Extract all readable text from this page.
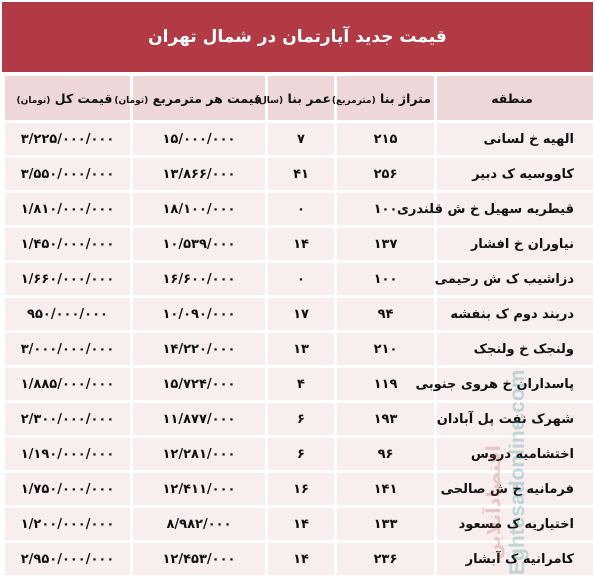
قیمت جدید آپارتمان در شمال تهران
قیمت کل (تومان)	قیمت هر مترمربع (تومان)	عمر بنا (سال)	متراژ بنا (مترمربع)	منطقه
۳/۲۲۵/۰۰۰/۰۰۰	۱۵/۰۰۰/۰۰۰	۷	۲۱۵	الهیه خ لسانی
۳/۵۵۰/۰۰۰/۰۰۰	۱۳/۸۶۶/۰۰۰	۴۱	۲۵۶	کاووسیه ک دبیر
۱/۸۱۰/۰۰۰/۰۰۰	۱۸/۱۰۰/۰۰۰	۰	۱۰۰	قیطریه سهیل خ ش قلندری
۱/۴۵۰/۰۰۰/۰۰۰	۱۰/۵۳۹/۰۰۰	۱۴	۱۳۷	نیاوران خ افشار
۱/۶۶۰/۰۰۰/۰۰۰	۱۶/۶۰۰/۰۰۰	۰	۱۰۰	دزاشیب ک ش رحیمی
۹۵۰/۰۰۰/۰۰۰	۱۰/۰۹۰/۰۰۰	۱۷	۹۴	دربند دوم ک بنفشه
۳/۰۰۰/۰۰۰/۰۰۰	۱۴/۲۲۰/۰۰۰	۱۳	۲۱۰	ولنجک خ ولنجک
۱/۸۸۵/۰۰۰/۰۰۰	۱۵/۷۲۴/۰۰۰	۴	۱۱۹	پاسداران خ هروی جنوبی
۲/۳۰۰/۰۰۰/۰۰۰	۱۱/۸۷۷/۰۰۰	۶	۱۹۳	شهرک نفت پل آبادان
۱/۱۹۰/۰۰۰/۰۰۰	۱۲/۲۸۱/۰۰۰	۶	۹۶	اختشامیه دروس
۱/۷۵۰/۰۰۰/۰۰۰	۱۲/۴۱۱/۰۰۰	۱۶	۱۴۱	فرمانیه خ ش صالحی
۱/۲۰۰/۰۰۰/۰۰۰	۸/۹۸۲/۰۰۰	۱۴	۱۳۳	اختیاریه ک مسعود
۲/۹۵۰/۰۰۰/۰۰۰	۱۲/۴۵۳/۰۰۰	۱۴	۲۳۶	کامرانیه ک آبشار
Eghtesadonline.com
اقتصادآنلاین
